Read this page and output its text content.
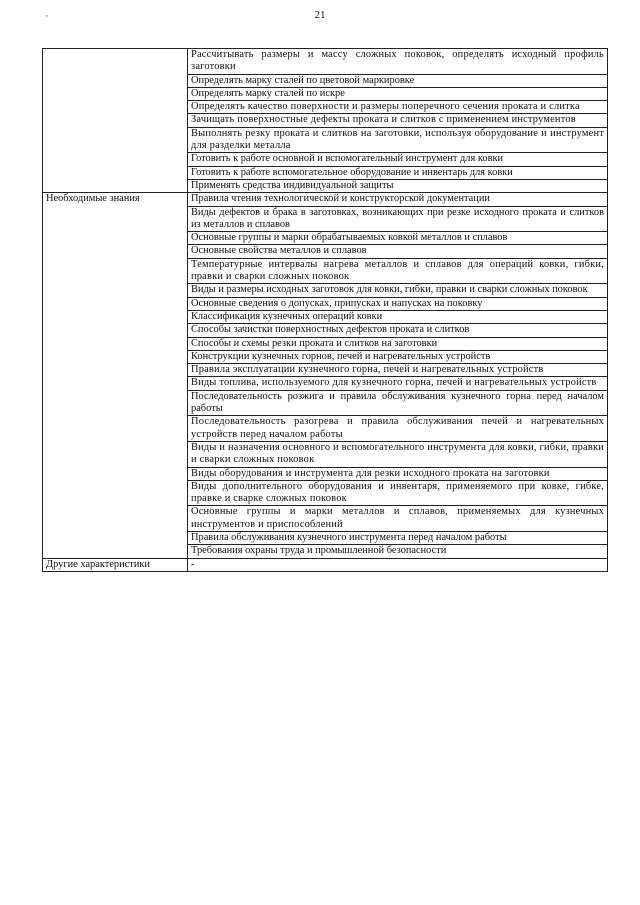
21
'
	Рассчитывать размеры и массу сложных поковок, определять исходный профиль заготовки
	Определять марку сталей по цветовой маркировке
	Определять марку сталей по искре
	Определять качество поверхности и размеры поперечного сечения проката и слитка
	Зачищать поверхностные дефекты проката и слитков с применением инструментов
	Выполнять резку проката и слитков на заготовки, используя оборудование и инструмент для разделки металла
	Готовить к работе основной и вспомогательный инструмент для ковки
	Готовить к работе вспомогательное оборудование и инвентарь для ковки
	Применять средства индивидуальной защиты
Необходимые знания	Правила чтения технологической и конструкторской документации
	Виды дефектов и брака в заготовках, возникающих при резке исходного проката и слитков из металлов и сплавов
	Основные группы и марки обрабатываемых ковкой металлов и сплавов
	Основные свойства металлов и сплавов
	Температурные интервалы нагрева металлов и сплавов для операций ковки, гибки, правки и сварки сложных поковок
	Виды и размеры исходных заготовок для ковки, гибки, правки и сварки сложных поковок
	Основные сведения о допусках, припусках и напусках на поковку
	Классификация кузнечных операций ковки
	Способы зачистки поверхностных дефектов проката и слитков
	Способы и схемы резки проката и слитков на заготовки
	Конструкции кузнечных горнов, печей и нагревательных устройств
	Правила эксплуатации кузнечного горна, печей и нагревательных устройств
	Виды топлива, используемого для кузнечного горна, печей и нагревательных устройств
	Последовательность розжига и правила обслуживания кузнечного горна перед началом работы
	Последовательность разогрева и правила обслуживания печей и нагревательных устройств перед началом работы
	Виды и назначения основного и вспомогательного инструмента для ковки, гибки, правки и сварки сложных поковок
	Виды оборудования и инструмента для резки исходного проката на заготовки
	Виды дополнительного оборудования и инвентаря, применяемого при ковке, гибке, правке и сварке сложных поковок
	Основные группы и марки металлов и сплавов, применяемых для кузнечных инструментов и приспособлений
	Правила обслуживания кузнечного инструмента перед началом работы
	Требования охраны труда и промышленной безопасности
Другие характеристики	-
